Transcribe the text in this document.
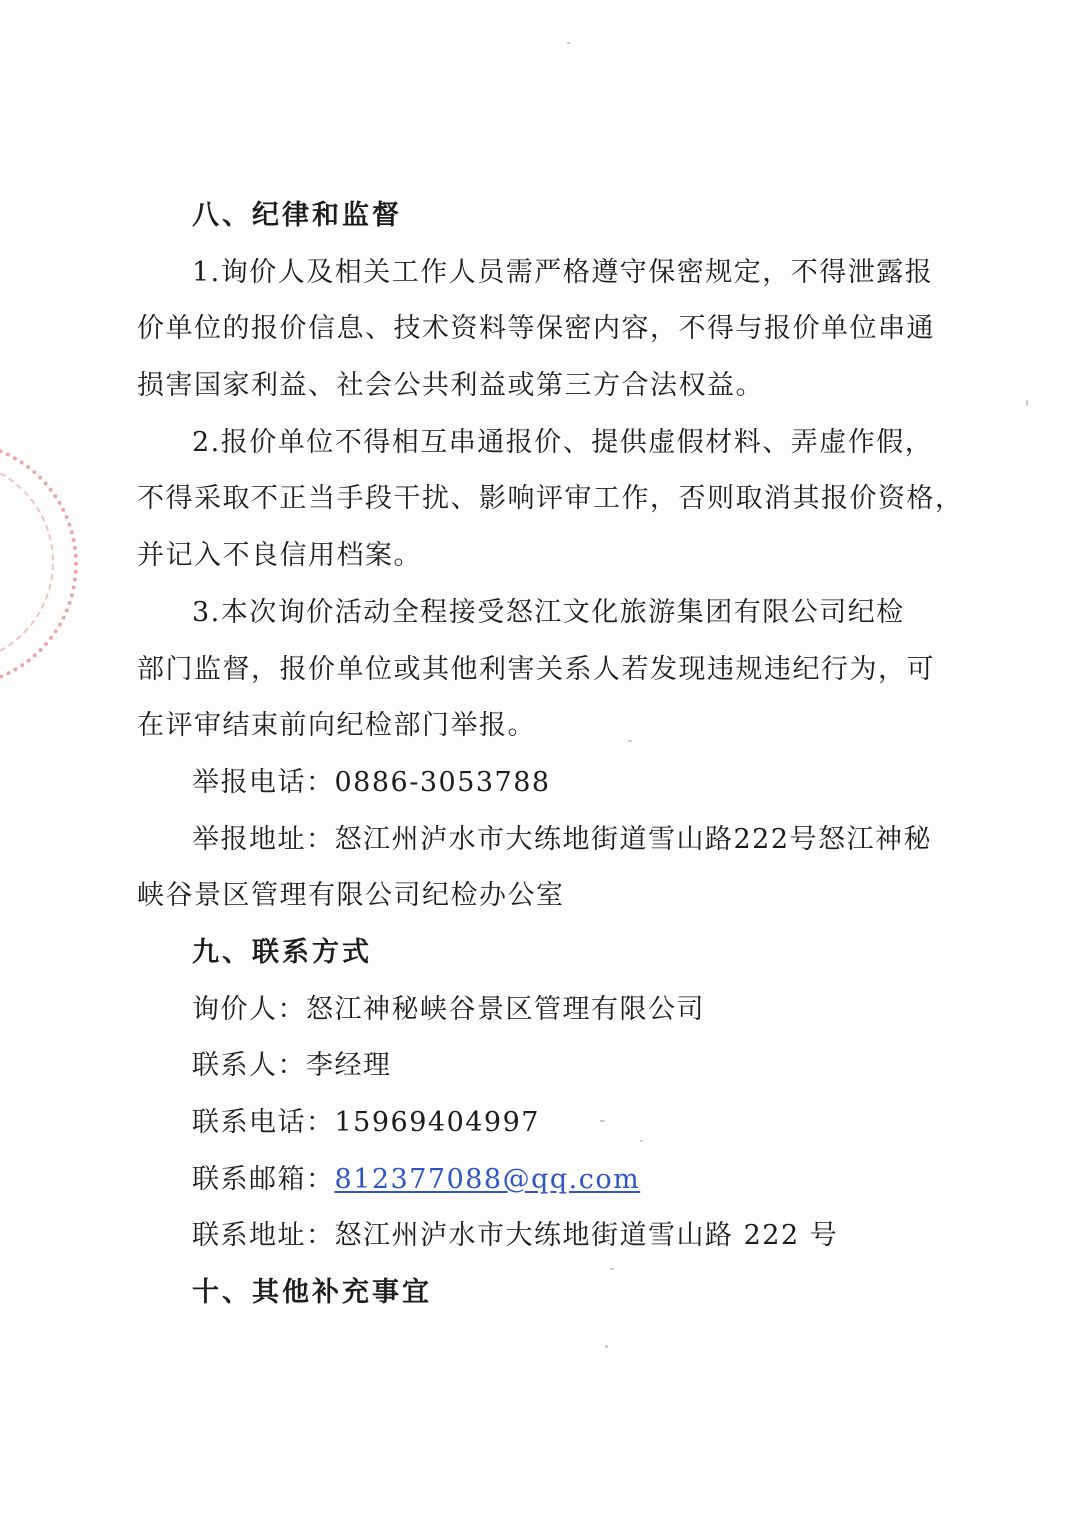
八、纪律和监督
1.询价人及相关工作人员需严格遵守保密规定，不得泄露报
价单位的报价信息、技术资料等保密内容，不得与报价单位串通
损害国家利益、社会公共利益或第三方合法权益。
2.报价单位不得相互串通报价、提供虚假材料、弄虚作假，
不得采取不正当手段干扰、影响评审工作，否则取消其报价资格，
并记入不良信用档案。
3.本次询价活动全程接受怒江文化旅游集团有限公司纪检
部门监督，报价单位或其他利害关系人若发现违规违纪行为，可
在评审结束前向纪检部门举报。
举报电话：0886-3053788
举报地址：怒江州泸水市大练地街道雪山路222号怒江神秘
峡谷景区管理有限公司纪检办公室
九、联系方式
询价人：怒江神秘峡谷景区管理有限公司
联系人：李经理
联系电话：15969404997
联系邮箱：812377088@qq.com
联系地址：怒江州泸水市大练地街道雪山路 222 号
十、其他补充事宜
